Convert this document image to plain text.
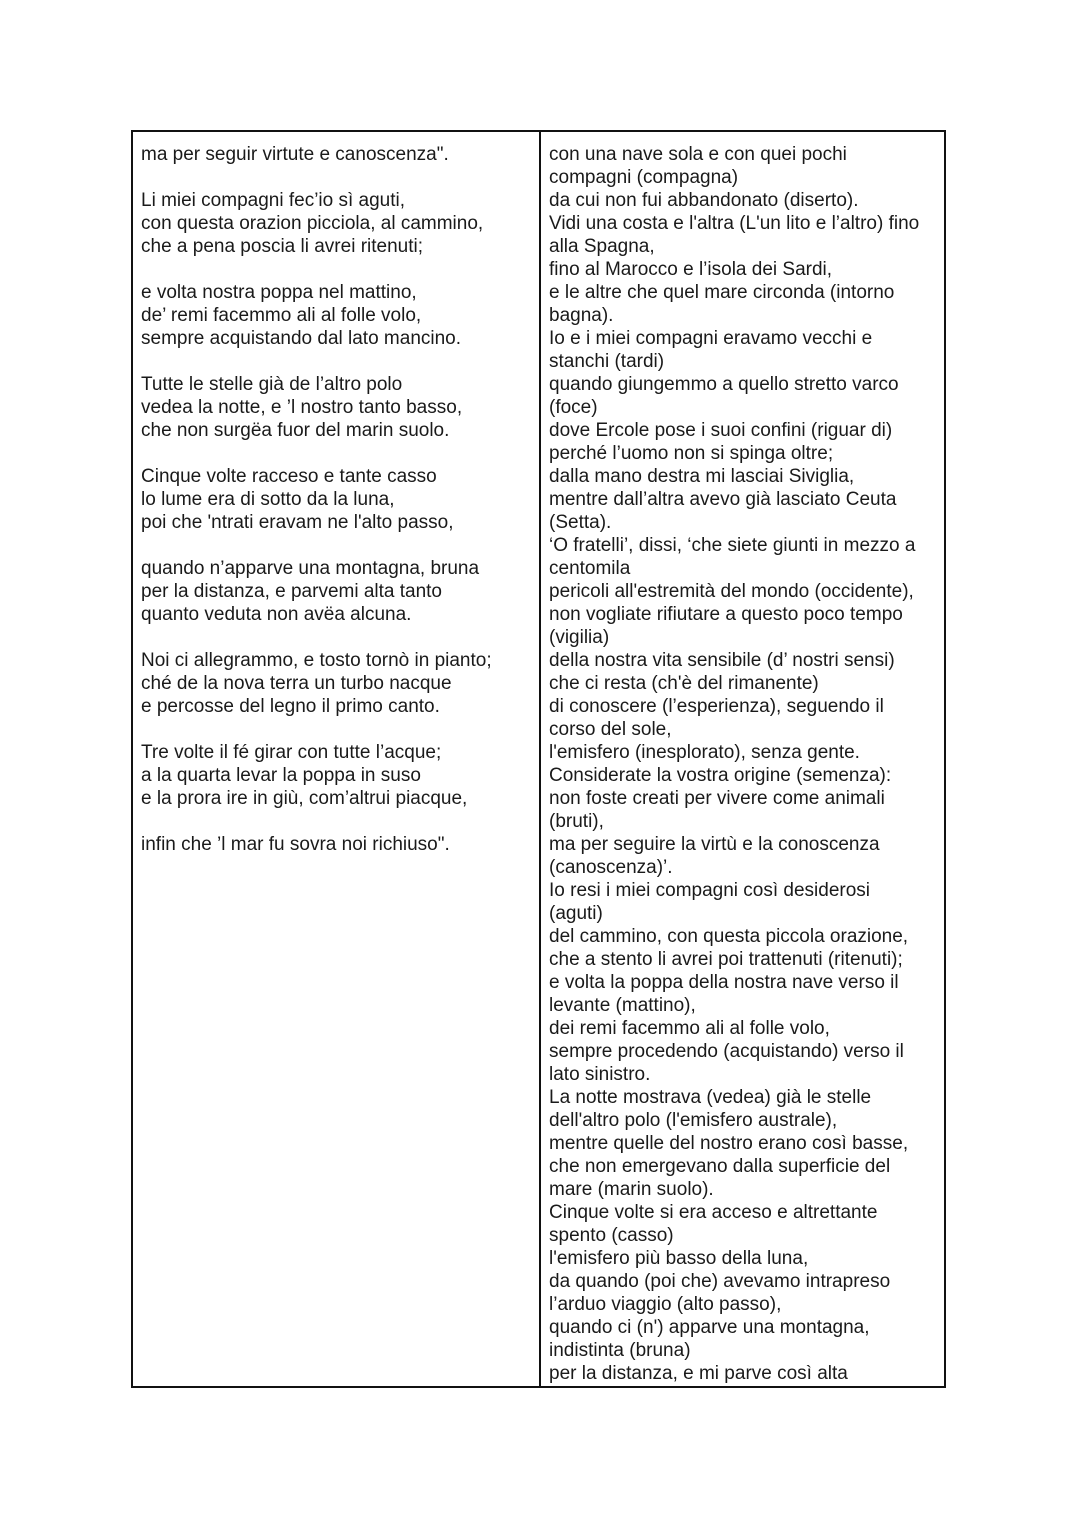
ma per seguir virtute e canoscenza".
Li miei compagni fec’io sì aguti,
con questa orazion picciola, al cammino,
che a pena poscia li avrei ritenuti;
e volta nostra poppa nel mattino,
de’ remi facemmo ali al folle volo,
sempre acquistando dal lato mancino.
Tutte le stelle già de l’altro polo
vedea la notte, e ’l nostro tanto basso,
che non surgëa fuor del marin suolo.
Cinque volte racceso e tante casso
lo lume era di sotto da la luna,
poi che 'ntrati eravam ne l'alto passo,
quando n’apparve una montagna, bruna
per la distanza, e parvemi alta tanto
quanto veduta non avëa alcuna.
Noi ci allegrammo, e tosto tornò in pianto;
ché de la nova terra un turbo nacque
e percosse del legno il primo canto.
Tre volte il fé girar con tutte l’acque;
a la quarta levar la poppa in suso
e la prora ire in giù, com’altrui piacque,
infin che ’l mar fu sovra noi richiuso".
con una nave sola e con quei pochi
compagni (compagna)
da cui non fui abbandonato (diserto).
Vidi una costa e l'altra (L'un lito e l’altro) fino
alla Spagna,
fino al Marocco e l’isola dei Sardi,
e le altre che quel mare circonda (intorno
bagna).
Io e i miei compagni eravamo vecchi e
stanchi (tardi)
quando giungemmo a quello stretto varco
(foce)
dove Ercole pose i suoi confini (riguar di)
perché l’uomo non si spinga oltre;
dalla mano destra mi lasciai Siviglia,
mentre dall’altra avevo già lasciato Ceuta
(Setta).
‘O fratelli’, dissi, ‘che siete giunti in mezzo a
centomila
pericoli all'estremità del mondo (occidente),
non vogliate rifiutare a questo poco tempo
(vigilia)
della nostra vita sensibile (d’ nostri sensi)
che ci resta (ch'è del rimanente)
di conoscere (l’esperienza), seguendo il
corso del sole,
l'emisfero (inesplorato), senza gente.
Considerate la vostra origine (semenza):
non foste creati per vivere come animali
(bruti),
ma per seguire la virtù e la conoscenza
(canoscenza)’.
Io resi i miei compagni così desiderosi
(aguti)
del cammino, con questa piccola orazione,
che a stento li avrei poi trattenuti (ritenuti);
e volta la poppa della nostra nave verso il
levante (mattino),
dei remi facemmo ali al folle volo,
sempre procedendo (acquistando) verso il
lato sinistro.
La notte mostrava (vedea) già le stelle
dell'altro polo (l'emisfero australe),
mentre quelle del nostro erano così basse,
che non emergevano dalla superficie del
mare (marin suolo).
Cinque volte si era acceso e altrettante
spento (casso)
l'emisfero più basso della luna,
da quando (poi che) avevamo intrapreso
l’arduo viaggio (alto passo),
quando ci (n') apparve una montagna,
indistinta (bruna)
per la distanza, e mi parve così alta
